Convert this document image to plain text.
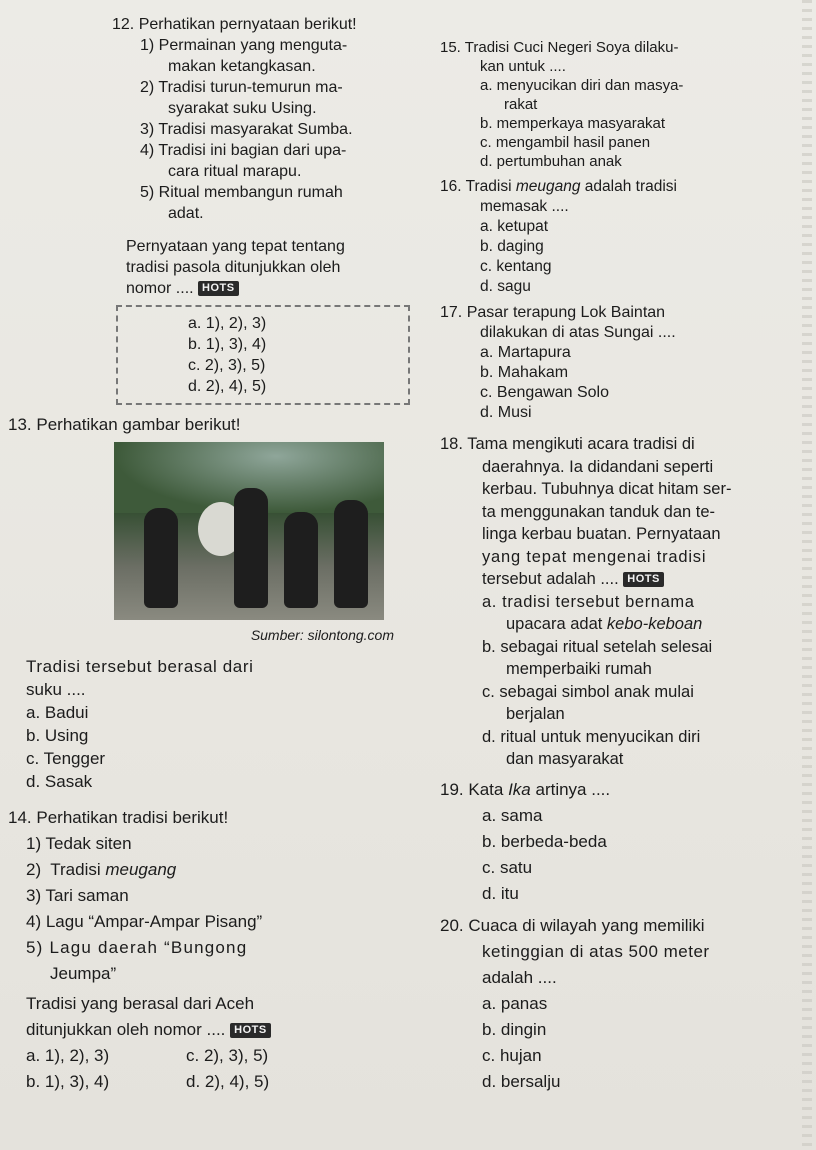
12. Perhatikan pernyataan berikut!
1) Permainan yang menguta-
makan ketangkasan.
2) Tradisi turun-temurun ma-
syarakat suku Using.
3) Tradisi masyarakat Sumba.
4) Tradisi ini bagian dari upa-
cara ritual marapu.
5) Ritual membangun rumah
adat.
Pernyataan yang tepat tentang
tradisi pasola ditunjukkan oleh
nomor .... HOTS
a. 1), 2), 3)
b. 1), 3), 4)
c. 2), 3), 5)
d. 2), 4), 5)
13. Perhatikan gambar berikut!
Sumber: silontong.com
Tradisi tersebut berasal dari
suku ....
a. Badui
b. Using
c. Tengger
d. Sasak
14. Perhatikan tradisi berikut!
1) Tedak siten
2)  Tradisi meugang
3) Tari saman
4) Lagu “Ampar-Ampar Pisang”
5) Lagu daerah “Bungong
Jeumpa”
Tradisi yang berasal dari Aceh
ditunjukkan oleh nomor .... HOTS
a. 1), 2), 3)	c. 2), 3), 5)
b. 1), 3), 4)	d. 2), 4), 5)
15. Tradisi Cuci Negeri Soya dilaku-
kan untuk ....
a. menyucikan diri dan masya-
rakat
b. memperkaya masyarakat
c. mengambil hasil panen
d. pertumbuhan anak
16. Tradisi meugang adalah tradisi
memasak ....
a. ketupat
b. daging
c. kentang
d. sagu
17. Pasar terapung Lok Baintan
dilakukan di atas Sungai ....
a. Martapura
b. Mahakam
c. Bengawan Solo
d. Musi
18. Tama mengikuti acara tradisi di
daerahnya. Ia didandani seperti
kerbau. Tubuhnya dicat hitam ser-
ta menggunakan tanduk dan te-
linga kerbau buatan. Pernyataan
yang tepat mengenai tradisi
tersebut adalah .... HOTS
a. tradisi tersebut bernama
upacara adat kebo-keboan
b. sebagai ritual setelah selesai
memperbaiki rumah
c. sebagai simbol anak mulai
berjalan
d. ritual untuk menyucikan diri
dan masyarakat
19. Kata Ika artinya ....
a. sama
b. berbeda-beda
c. satu
d. itu
20. Cuaca di wilayah yang memiliki
ketinggian di atas 500 meter
adalah ....
a. panas
b. dingin
c. hujan
d. bersalju
